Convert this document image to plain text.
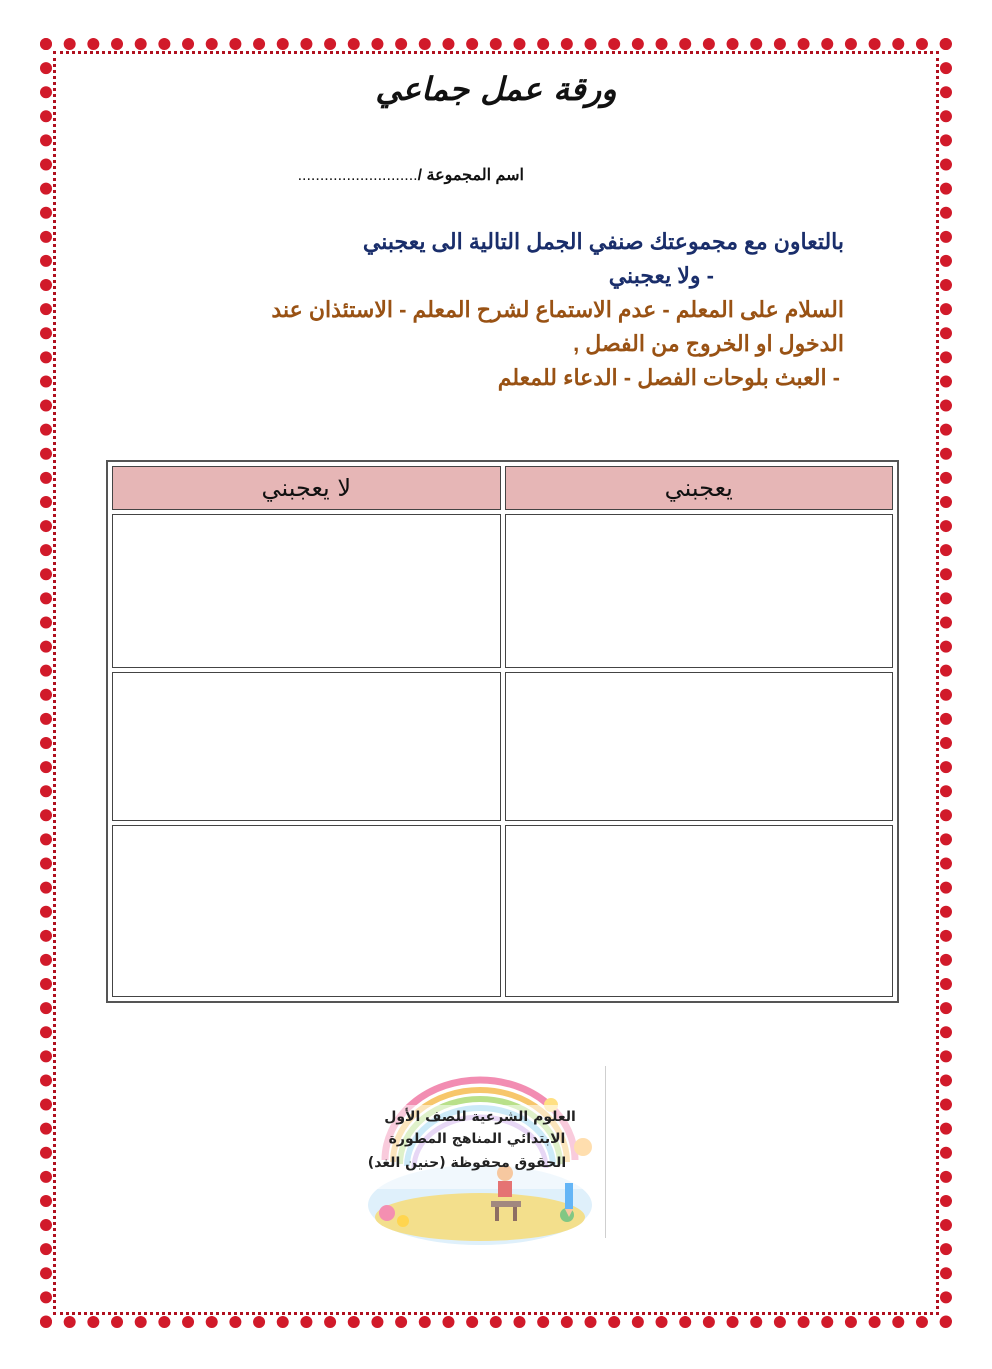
ورقة عمل جماعي
اسم المجموعة /...........................
بالتعاون مع مجموعتك صنفي الجمل التالية الى يعجبني
- ولا يعجبني
السلام على المعلم - عدم الاستماع لشرح المعلم - الاستئذان عند
الدخول او الخروج من الفصل ,
- العبث بلوحات الفصل - الدعاء للمعلم
يعجبني	لا يعجبني

العلوم الشرعية للصف الأول
الابتدائي المناهج المطورة
الحقوق محفوظة (حنين الغد)
